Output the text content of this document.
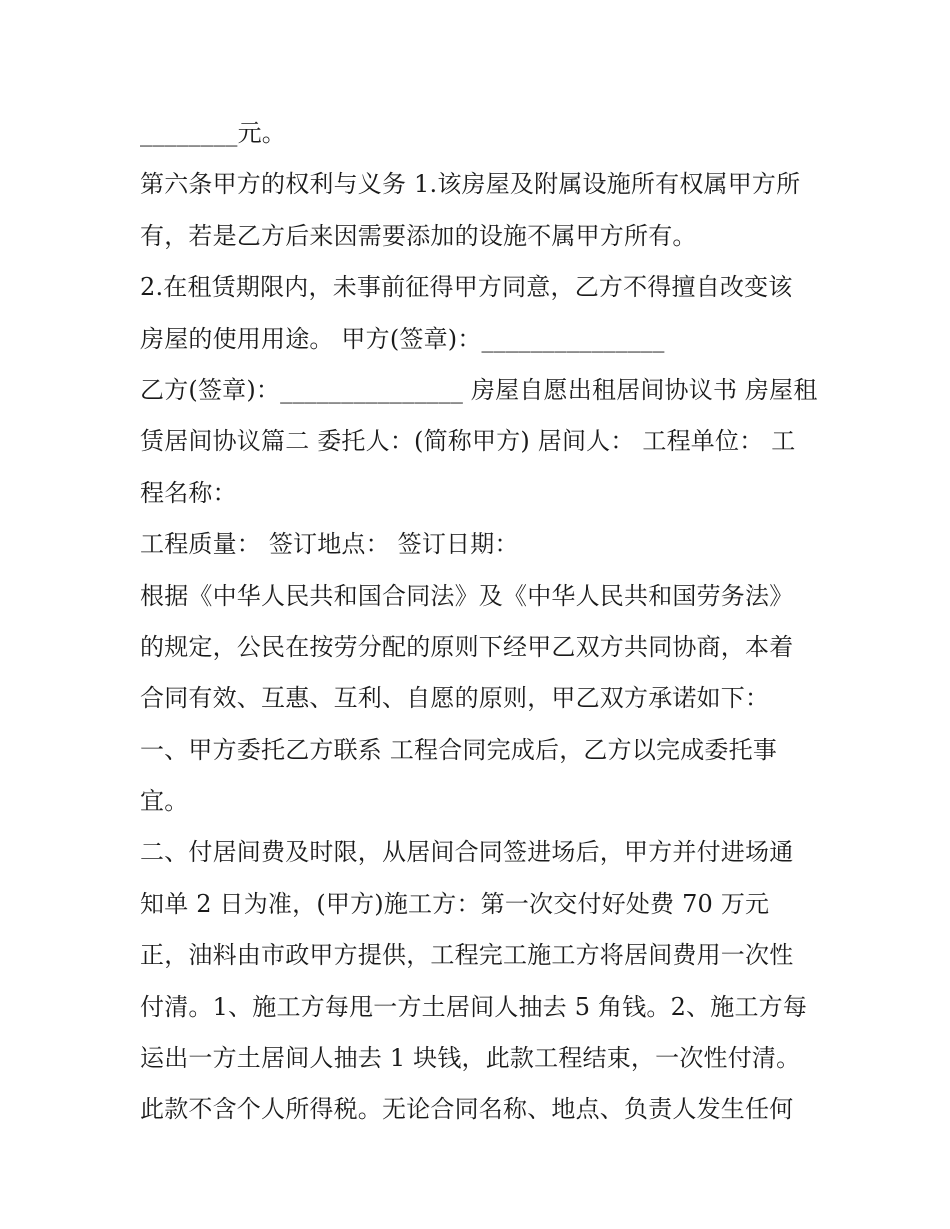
________元。

第六条甲方的权利与义务 1.该房屋及附属设施所有权属甲方所

有，若是乙方后来因需要添加的设施不属甲方所有。

2.在租赁期限内，未事前征得甲方同意，乙方不得擅自改变该

房屋的使用用途。 甲方(签章)：_______________

乙方(签章)：_______________ 房屋自愿出租居间协议书 房屋租

赁居间协议篇二 委托人：(简称甲方) 居间人： 工程单位： 工

程名称：

工程质量： 签订地点： 签订日期：

根据《中华人民共和国合同法》及《中华人民共和国劳务法》

的规定，公民在按劳分配的原则下经甲乙双方共同协商，本着

合同有效、互惠、互利、自愿的原则，甲乙双方承诺如下：

一、甲方委托乙方联系 工程合同完成后，乙方以完成委托事

宜。

二、付居间费及时限，从居间合同签进场后，甲方并付进场通

知单 2 日为准，(甲方)施工方：第一次交付好处费 70 万元

正，油料由市政甲方提供，工程完工施工方将居间费用一次性

付清。1、施工方每甩一方土居间人抽去 5 角钱。2、施工方每

运出一方土居间人抽去 1 块钱，此款工程结束，一次性付清。

此款不含个人所得税。无论合同名称、地点、负责人发生任何
